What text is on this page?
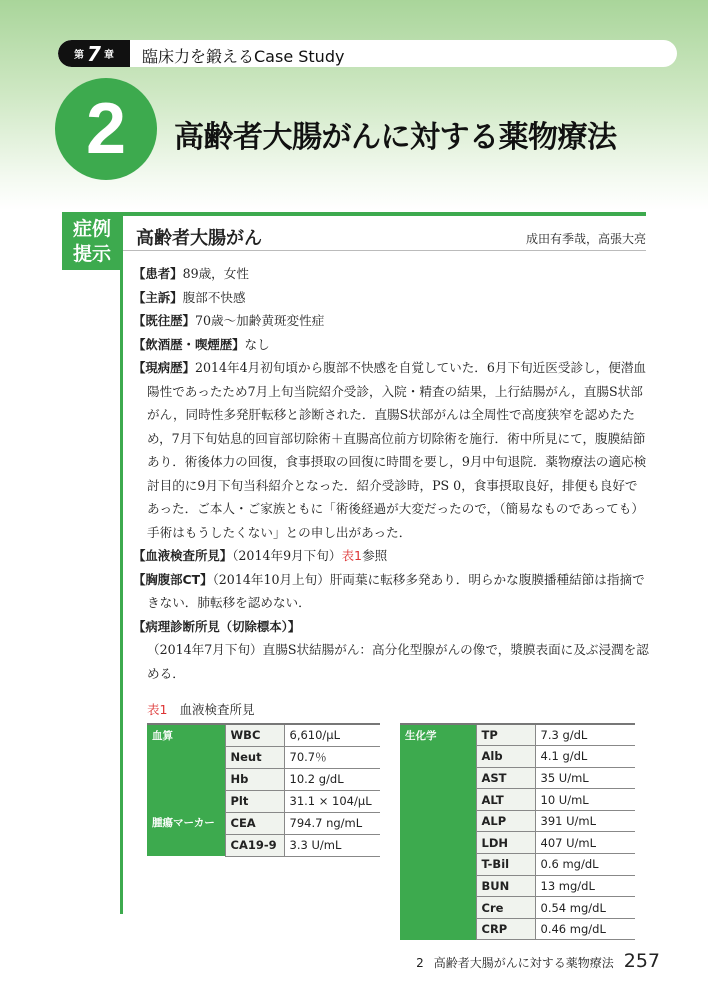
第 7 章 臨床力を鍛えるCase Study
2	高齢者大腸がんに対する薬物療法
症例
提示
高齢者大腸がん	成田有季哉，高張大亮

【患者】89歳，女性

【主訴】腹部不快感

【既往歴】70歳～加齢黄斑変性症

【飲酒歴・喫煙歴】なし

【現病歴】2014年4月初旬頃から腹部不快感を自覚していた．6月下旬近医受診し，便潜血陽性であったため7月上旬当院紹介受診，入院・精査の結果，上行結腸がん，直腸S状部がん，同時性多発肝転移と診断された．直腸S状部がんは全周性で高度狭窄を認めたため，7月下旬姑息的回盲部切除術＋直腸高位前方切除術を施行．術中所見にて，腹膜結節あり．術後体力の回復，食事摂取の回復に時間を要し，9月中旬退院．薬物療法の適応検討目的に9月下旬当科紹介となった．紹介受診時，PS 0，食事摂取良好，排便も良好であった．ご本人・ご家族ともに「術後経過が大変だったので，（簡易なものであっても）手術はもうしたくない」との申し出があった．

【血液検査所見】（2014年9月下旬）表1参照

【胸腹部CT】（2014年10月上旬）肝両葉に転移多発あり．明らかな腹膜播種結節は指摘できない．肺転移を認めない．

【病理診断所見（切除標本）】

（2014年7月下旬）直腸S状結腸がん：高分化型腺がんの像で，漿膜表面に及ぶ浸潤を認める．

表1 血液検査所見
血算	WBC	6,610/μL
	Neut	70.7％
	Hb	10.2 g/dL
	Plt	31.1 × 104/μL
腫瘍マーカー	CEA	794.7 ng/mL
	CA19-9	3.3 U/mL
生化学	TP	7.3 g/dL
	Alb	4.1 g/dL
	AST	35 U/mL
	ALT	10 U/mL
	ALP	391 U/mL
	LDH	407 U/mL
	T-Bil	0.6 mg/dL
	BUN	13 mg/dL
	Cre	0.54 mg/dL
	CRP	0.46 mg/dL
2 高齢者大腸がんに対する薬物療法 257
